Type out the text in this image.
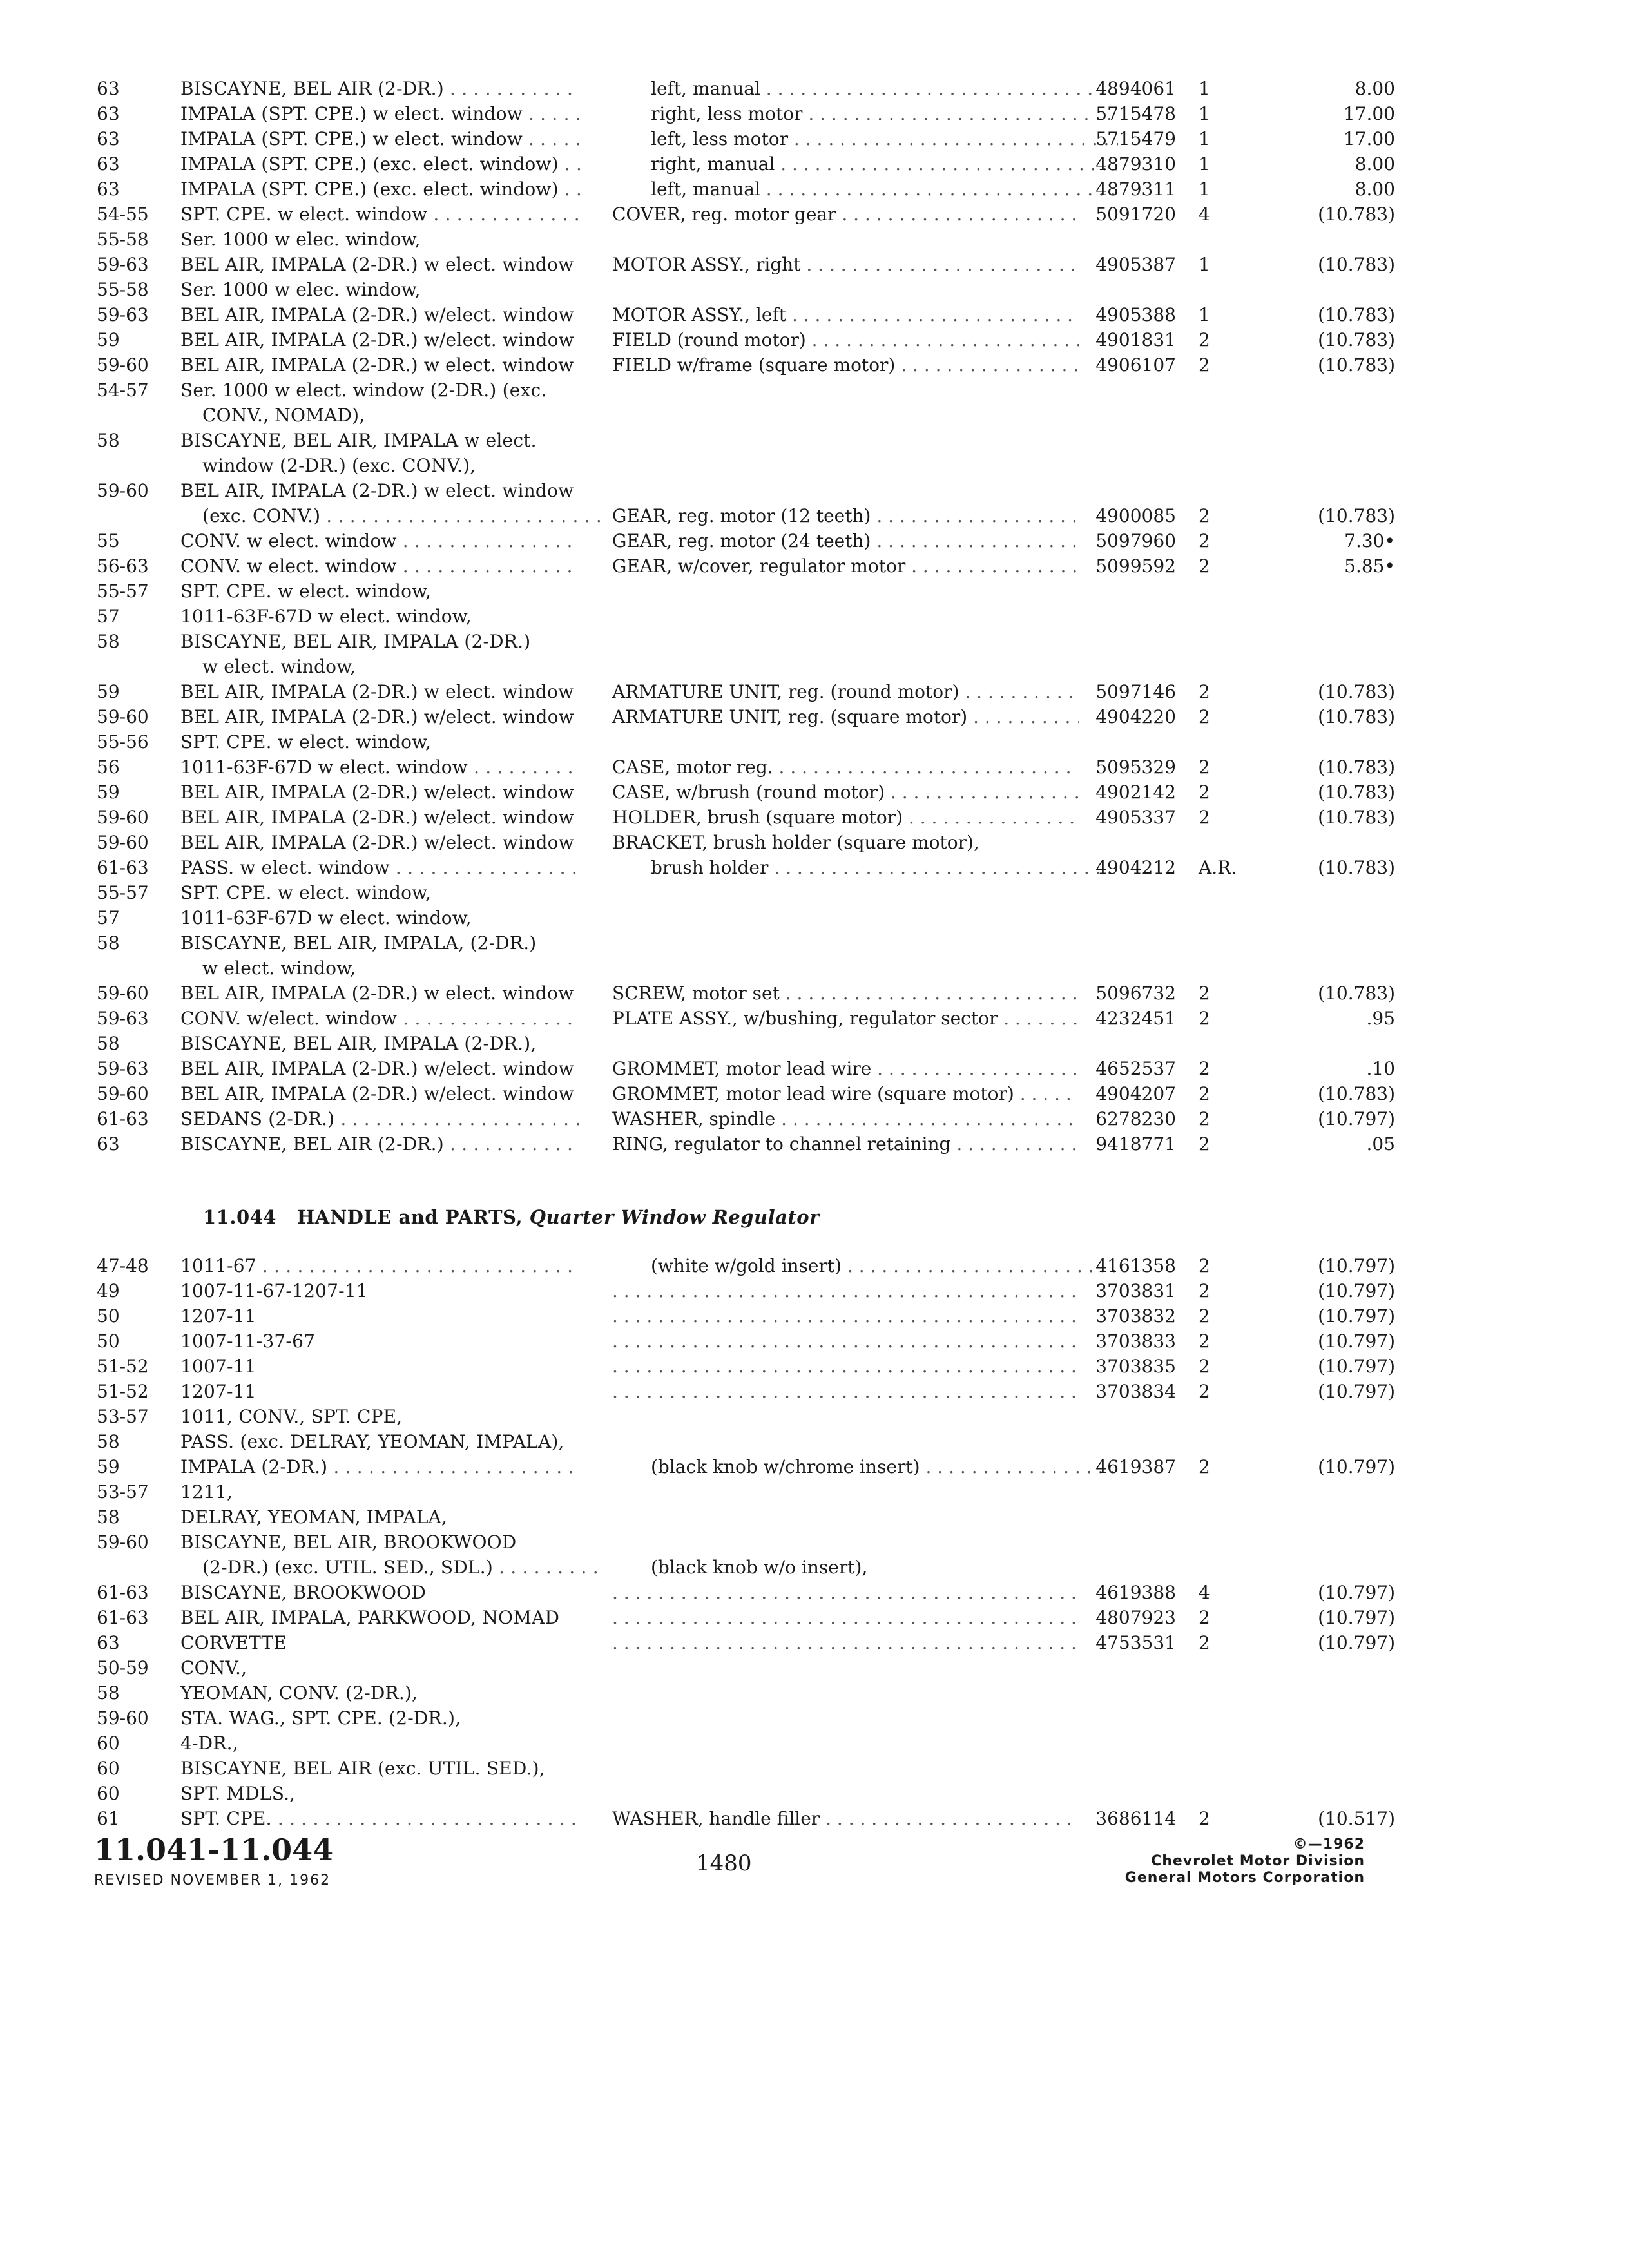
63	BISCAYNE, BEL AIR (2-DR.) . . .	left, manual . . .	4894061	1	8.00
63	IMPALA (SPT. CPE.) w elect. window . . .	right, less motor . . .	5715478	1	17.00
63	IMPALA (SPT. CPE.) w elect. window . . .	left, less motor . . .	5715479	1	17.00
63	IMPALA (SPT. CPE.) (exc. elect. window) . . .	right, manual . . .	4879310	1	8.00
63	IMPALA (SPT. CPE.) (exc. elect. window) . . .	left, manual . . .	4879311	1	8.00
54-55	SPT. CPE. w elect. window . . .	COVER, reg. motor gear . . .	5091720	4	(10.783)
55-58	Ser. 1000 w elec. window,
59-63	BEL AIR, IMPALA (2-DR.) w elect. window . . .	MOTOR ASSY., right . . .	4905387	1	(10.783)
55-58	Ser. 1000 w elec. window,
59-63	BEL AIR, IMPALA (2-DR.) w/elect. window . . .	MOTOR ASSY., left . . .	4905388	1	(10.783)
59	BEL AIR, IMPALA (2-DR.) w/elect. window . . .	FIELD (round motor) . . .	4901831	2	(10.783)
59-60	BEL AIR, IMPALA (2-DR.) w elect. window . . .	FIELD w/frame (square motor) . . .	4906107	2	(10.783)
54-57	Ser. 1000 w elect. window (2-DR.) (exc.
CONV., NOMAD),
58	BISCAYNE, BEL AIR, IMPALA w elect.
window (2-DR.) (exc. CONV.),
59-60	BEL AIR, IMPALA (2-DR.) w elect. window
(exc. CONV.) . . .	GEAR, reg. motor (12 teeth) . . .	4900085	2	(10.783)
55	CONV. w elect. window . . .	GEAR, reg. motor (24 teeth) . . .	5097960	2	7.30•
56-63	CONV. w elect. window . . .	GEAR, w/cover, regulator motor . . .	5099592	2	5.85•
55-57	SPT. CPE. w elect. window,
57	1011-63F-67D w elect. window,
58	BISCAYNE, BEL AIR, IMPALA (2-DR.)
w elect. window,
59	BEL AIR, IMPALA (2-DR.) w elect. window . . .	ARMATURE UNIT, reg. (round motor) . . .	5097146	2	(10.783)
59-60	BEL AIR, IMPALA (2-DR.) w/elect. window . . .	ARMATURE UNIT, reg. (square motor) . . .	4904220	2	(10.783)
55-56	SPT. CPE. w elect. window,
56	1011-63F-67D w elect. window . . .	CASE, motor reg. . . .	5095329	2	(10.783)
59	BEL AIR, IMPALA (2-DR.) w/elect. window . . .	CASE, w/brush (round motor) . . .	4902142	2	(10.783)
59-60	BEL AIR, IMPALA (2-DR.) w/elect. window . . .	HOLDER, brush (square motor) . . .	4905337	2	(10.783)
59-60	BEL AIR, IMPALA (2-DR.) w/elect. window . . .	BRACKET, brush holder (square motor),
61-63	PASS. w elect. window . . .	brush holder . . .	4904212	A.R.	(10.783)
55-57	SPT. CPE. w elect. window,
57	1011-63F-67D w elect. window,
58	BISCAYNE, BEL AIR, IMPALA, (2-DR.)
w elect. window,
59-60	BEL AIR, IMPALA (2-DR.) w elect. window . . .	SCREW, motor set . . .	5096732	2	(10.783)
59-63	CONV. w/elect. window . . .	PLATE ASSY., w/bushing, regulator sector . . .	4232451	2	.95
58	BISCAYNE, BEL AIR, IMPALA (2-DR.),
59-63	BEL AIR, IMPALA (2-DR.) w/elect. window . . .	GROMMET, motor lead wire . . .	4652537	2	.10
59-60	BEL AIR, IMPALA (2-DR.) w/elect. window . . .	GROMMET, motor lead wire (square motor) . . .	4904207	2	(10.783)
61-63	SEDANS (2-DR.) . . .	WASHER, spindle . . .	6278230	2	(10.797)
63	BISCAYNE, BEL AIR (2-DR.) . . .	RING, regulator to channel retaining . . .	9418771	2	.05
11.044 HANDLE and PARTS, Quarter Window Regulator
47-48	1011-67 . . .	(white w/gold insert) . . .	4161358	2	(10.797)
49	1007-11-67-1207-11 . . .	3703831	2	(10.797)
50	1207-11 . . .	3703832	2	(10.797)
50	1007-11-37-67 . . .	3703833	2	(10.797)
51-52	1007-11 . . .	3703835	2	(10.797)
51-52	1207-11 . . .	3703834	2	(10.797)
53-57	1011, CONV., SPT. CPE,
58	PASS. (exc. DELRAY, YEOMAN, IMPALA),
59	IMPALA (2-DR.) . . .	(black knob w/chrome insert) . . .	4619387	2	(10.797)
53-57	1211,
58	DELRAY, YEOMAN, IMPALA,
59-60	BISCAYNE, BEL AIR, BROOKWOOD
(2-DR.) (exc. UTIL. SED., SDL.) . . .	(black knob w/o insert),
61-63	BISCAYNE, BROOKWOOD . . .	4619388	4	(10.797)
61-63	BEL AIR, IMPALA, PARKWOOD, NOMAD . . .	4807923	2	(10.797)
63	CORVETTE . . .	4753531	2	(10.797)
50-59	CONV.,
58	YEOMAN, CONV. (2-DR.),
59-60	STA. WAG., SPT. CPE. (2-DR.),
60	4-DR.,
60	BISCAYNE, BEL AIR (exc. UTIL. SED.),
60	SPT. MDLS.,
61	SPT. CPE. . . .	WASHER, handle filler . . .	3686114	2	(10.517)
11.041-11.044
REVISED NOVEMBER 1, 1962
1480
©—1962
Chevrolet Motor Division
General Motors Corporation
